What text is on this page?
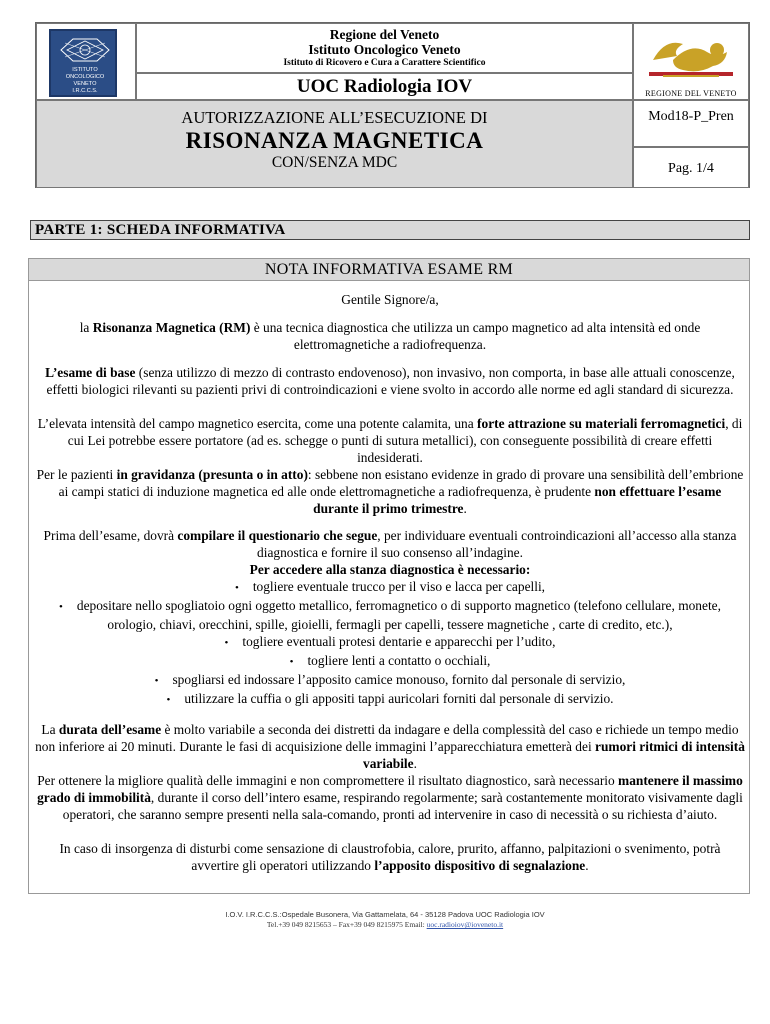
ISTITUTO
ONCOLOGICO
VENETO
I.R.C.C.S.
Regione del Veneto
Istituto Oncologico Veneto
Istituto di Ricovero e Cura a Carattere Scientifico
UOC Radiologia IOV	REGIONE DEL VENETO
AUTORIZZAZIONE ALL’ESECUZIONE DI
RISONANZA MAGNETICA
CON/SENZA MDC
Mod18-P_Pren
Pag. 1/4
PARTE 1: SCHEDA INFORMATIVA
NOTA INFORMATIVA ESAME RM
Gentile Signore/a,
la Risonanza Magnetica (RM) è una tecnica diagnostica che utilizza un campo magnetico ad alta intensità ed onde elettromagnetiche a radiofrequenza.
L’esame di base (senza utilizzo di mezzo di contrasto endovenoso), non invasivo, non comporta, in base alle attuali conoscenze, effetti biologici rilevanti su pazienti privi di controindicazioni e viene svolto in accordo alle norme ed agli standard di sicurezza.
L’elevata intensità del campo magnetico esercita, come una potente calamita, una forte attrazione su materiali ferromagnetici, di cui Lei potrebbe essere portatore (ad es. schegge o punti di sutura metallici), con conseguente possibilità di creare effetti indesiderati.
Per le pazienti in gravidanza (presunta o in atto): sebbene non esistano evidenze in grado di provare una sensibilità dell’embrione ai campi statici di induzione magnetica ed alle onde elettromagnetiche a radiofrequenza, è prudente non effettuare l’esame durante il primo trimestre.
Prima dell’esame, dovrà compilare il questionario che segue, per individuare eventuali controindicazioni all’accesso alla stanza diagnostica e fornire il suo consenso all’indagine.
Per accedere alla stanza diagnostica è necessario:
• togliere eventuale trucco per il viso e lacca per capelli,
• depositare nello spogliatoio ogni oggetto metallico, ferromagnetico o di supporto magnetico (telefono cellulare, monete, orologio, chiavi, orecchini, spille, gioielli, fermagli per capelli, tessere magnetiche , carte di credito, etc.),
• togliere eventuali protesi dentarie e apparecchi per l’udito,
• togliere lenti a contatto o occhiali,
• spogliarsi ed indossare l’apposito camice monouso, fornito dal personale di servizio,
• utilizzare la cuffia o gli appositi tappi auricolari forniti dal personale di servizio.
La durata dell’esame è molto variabile a seconda dei distretti da indagare e della complessità del caso e richiede un tempo medio non inferiore ai 20 minuti. Durante le fasi di acquisizione delle immagini l’apparecchiatura emetterà dei rumori ritmici di intensità variabile.
Per ottenere la migliore qualità delle immagini e non compromettere il risultato diagnostico, sarà necessario mantenere il massimo grado di immobilità, durante il corso dell’intero esame, respirando regolarmente; sarà costantemente monitorato visivamente dagli operatori, che saranno sempre presenti nella sala-comando, pronti ad intervenire in caso di necessità o su richiesta d’aiuto.
In caso di insorgenza di disturbi come sensazione di claustrofobia, calore, prurito, affanno, palpitazioni o svenimento, potrà avvertire gli operatori utilizzando l’apposito dispositivo di segnalazione.
I.O.V. I.R.C.C.S.:Ospedale Busonera, Via Gattamelata, 64 - 35128 Padova UOC Radiologia IOV
Tel.+39 049 8215653 – Fax+39 049 8215975 Email: uoc.radioiov@ioveneto.it
